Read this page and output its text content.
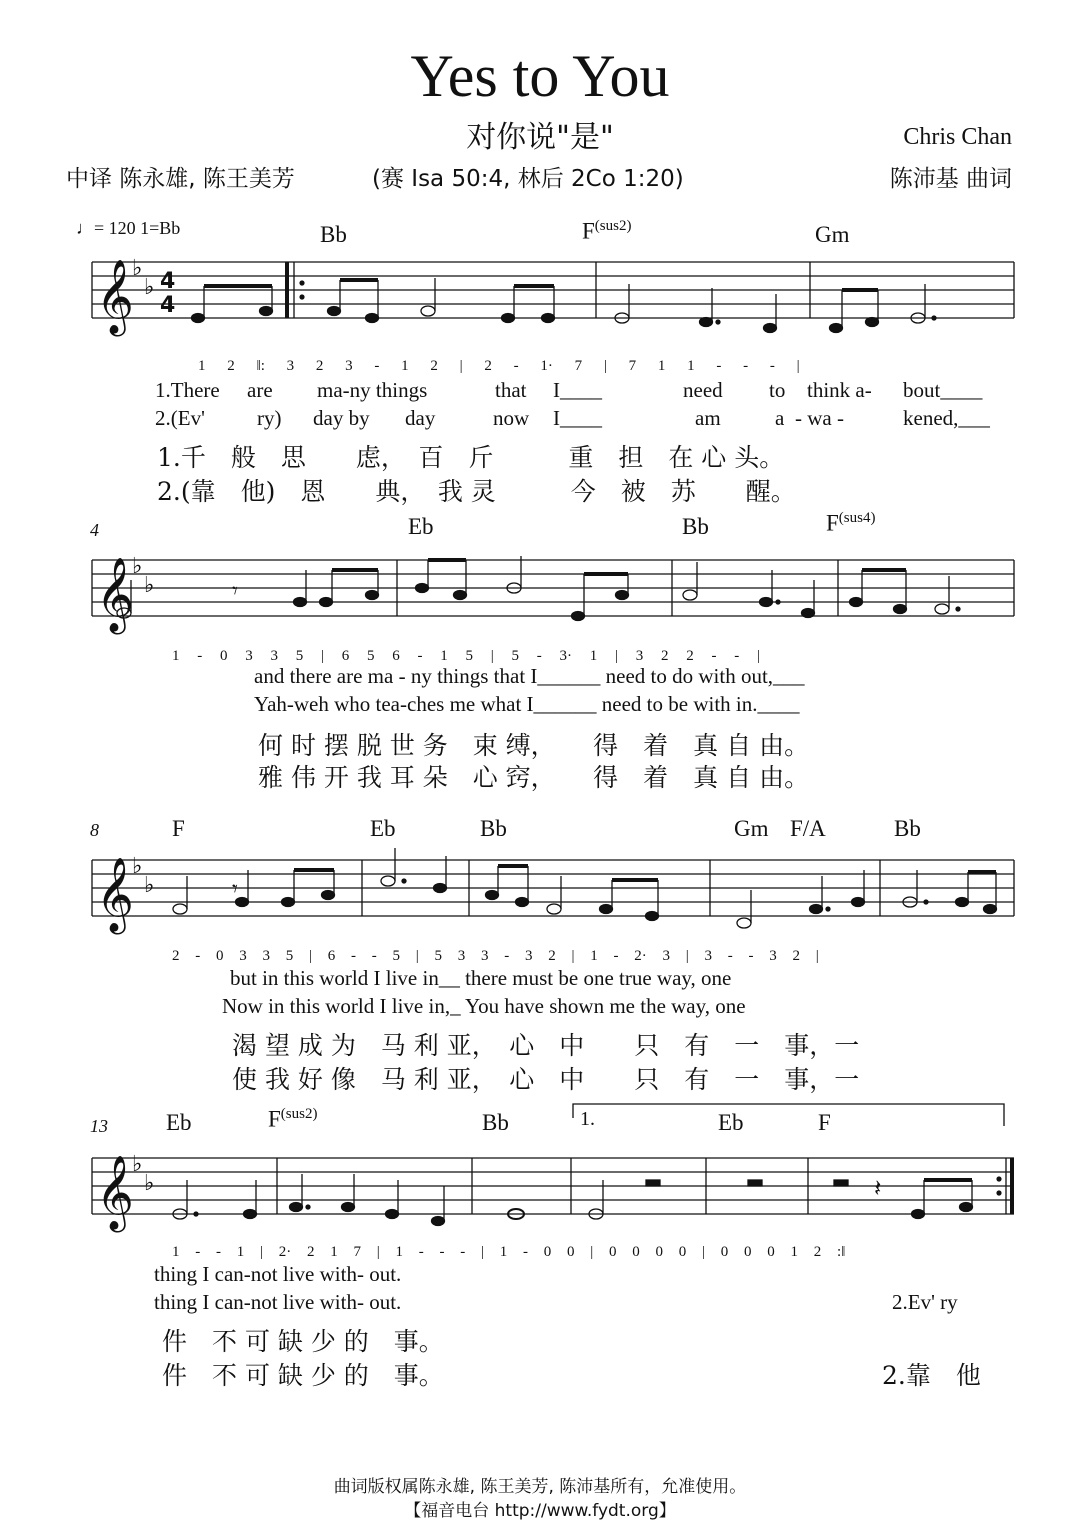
Yes to You
对你说"是"	Chris Chan
中译 陈永雄, 陈王美芳	(赛 Isa 50:4, 林后 2Co 1:20)	陈沛基 曲词
♩= 120 1=Bb
𝄞
𝄞
𝄞
𝄞
♭
♭
♭
♭
♭
♭
♭
♭
4
4
𝄽
𝄾
𝄾
Bb	$F^{(sus2)}$	Gm
1 2 ‖: 3 2 3 - 1 2 | 2 - 1· 7 | 7 1 1 - - - |
1.There are ma-ny things	that I____	need to think a- bout____
2.(Ev' ry) day by day	now I____	am	a - wa -	kened,___
1.千　般　思　　虑，　百　斤　　　重　担　在 心 头。
2.(靠　他)　恩　　典，　我 灵　　　今　被　苏　　醒。
4	Eb	Bb	$F^{(sus4)}$
1 - 0 3 3 5 | 6 5 6 - 1 5 | 5 - 3· 1 | 3 2 2 - - |
and there are ma - ny things that I______ need to do with out,___
Yah-weh who tea-ches me what I______ need to be with in.____
何 时 摆 脱 世 务　束 缚，　　得　着　真 自 由。
雅 伟 开 我 耳 朵　心 窍，　　得　着　真 自 由。
8	F	Eb	Bb	Gm F/A	Bb
2 - 0 3 3 5 | 6 - - 5 | 5 3 3 - 3 2 | 1 - 2· 3 | 3 - - 3 2 |
but in this world I live in__ there must be one true way, one
Now in this world I live in,_ You have shown me the way, one
渴 望 成 为　马 利 亚，　心　中　　只　有　一　事，一
使 我 好 像　马 利 亚，　心　中　　只　有　一　事，一
13	Eb	$F^{(sus2)}$	Bb	1.	Eb	F
1 - - 1 | 2· 2 1 7 | 1 - - - | 1 - 0 0 | 0 0 0 0 | 0 0 0 1 2 :‖
thing I can-not live with- out.
thing I can-not live with- out.	2.Ev' ry
件　不 可 缺 少 的　事。
件　不 可 缺 少 的　事。	2.靠　他
曲词版权属陈永雄, 陈王美芳, 陈沛基所有，允准使用。
【福音电台 http://www.fydt.org】
